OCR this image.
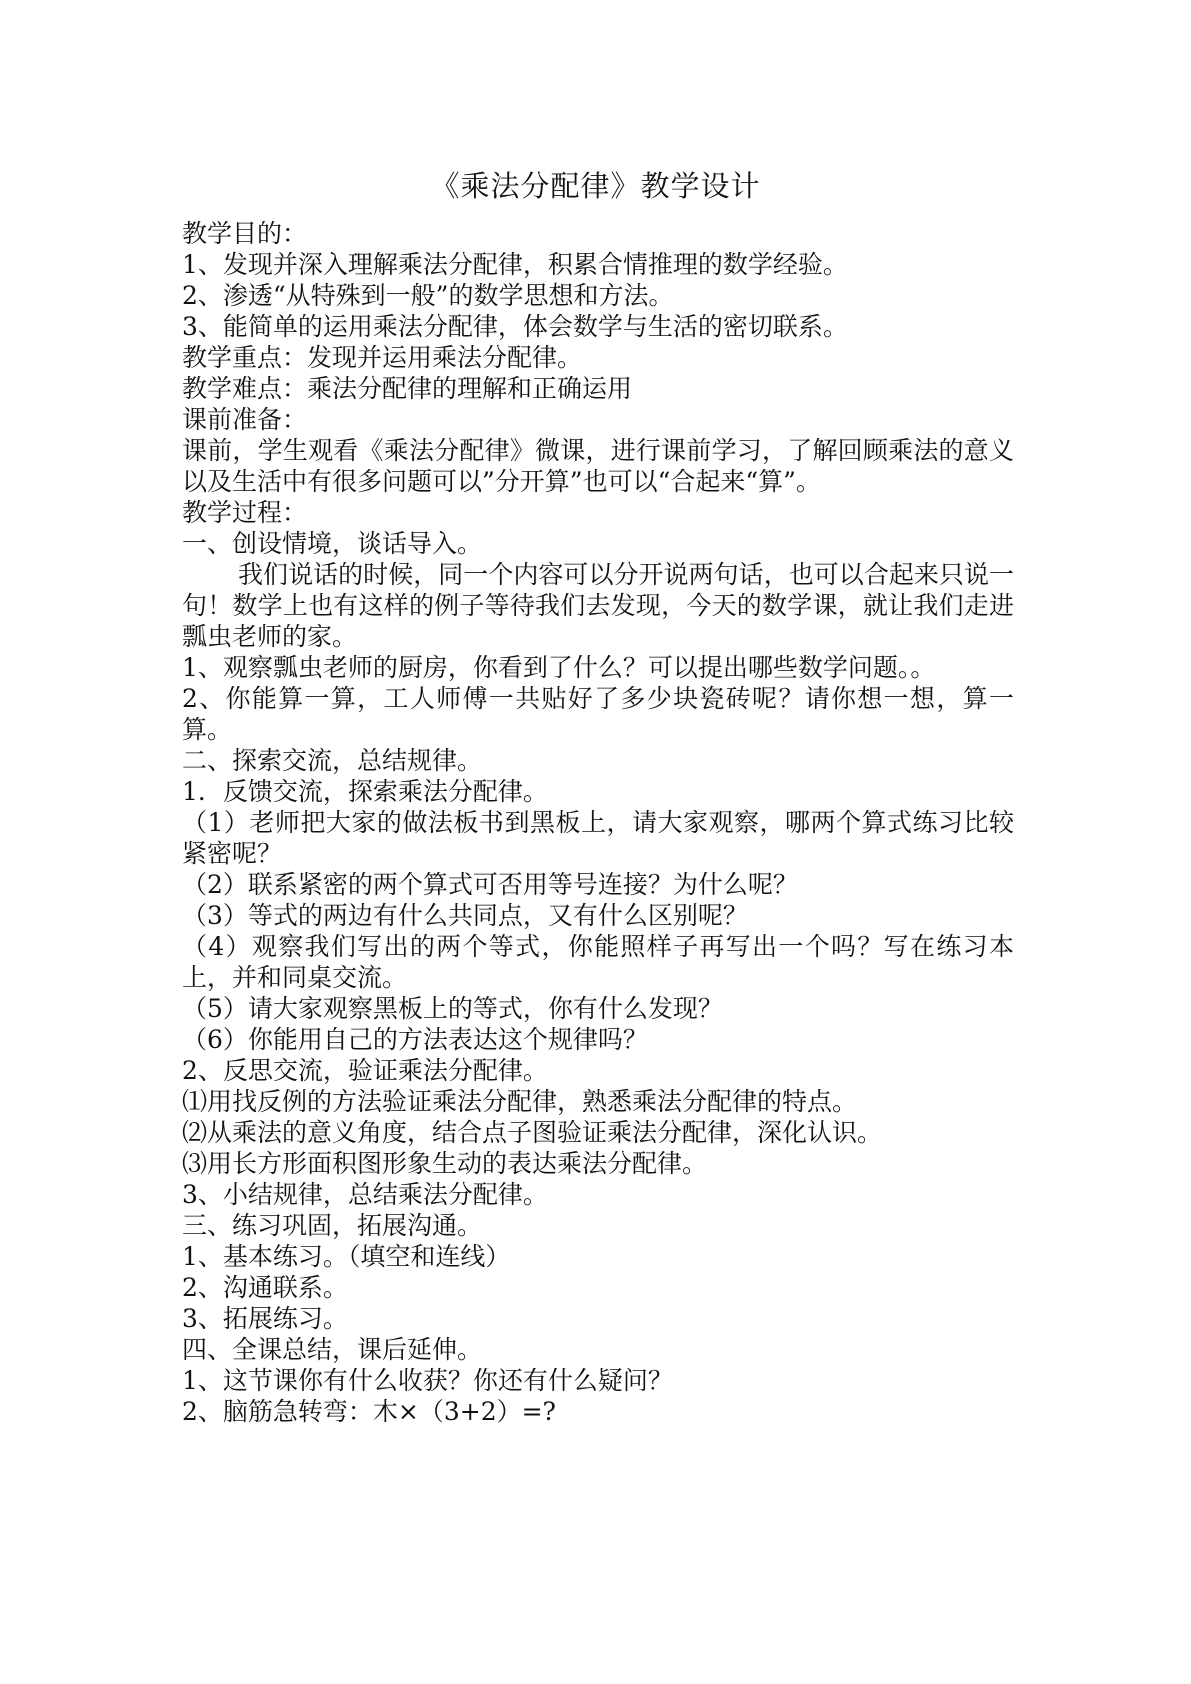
《乘法分配律》教学设计
教学目的：
1、发现并深入理解乘法分配律，积累合情推理的数学经验。
2、渗透“从特殊到一般”的数学思想和方法。
3、能简单的运用乘法分配律，体会数学与生活的密切联系。
教学重点：发现并运用乘法分配律。
教学难点：乘法分配律的理解和正确运用
课前准备：
课前，学生观看《乘法分配律》微课，进行课前学习，了解回顾乘法的意义以及生活中有很多问题可以”分开算”也可以“合起来“算”。
教学过程：
一、创设情境，谈话导入。
我们说话的时候，同一个内容可以分开说两句话，也可以合起来只说一句！数学上也有这样的例子等待我们去发现，今天的数学课，就让我们走进瓢虫老师的家。
1、观察瓢虫老师的厨房，你看到了什么？可以提出哪些数学问题。。
2、你能算一算，工人师傅一共贴好了多少块瓷砖呢？请你想一想，算一算。
二、探索交流，总结规律。
1．反馈交流，探索乘法分配律。
（1）老师把大家的做法板书到黑板上，请大家观察，哪两个算式练习比较紧密呢？
（2）联系紧密的两个算式可否用等号连接？为什么呢？
（3）等式的两边有什么共同点，又有什么区别呢？
（4）观察我们写出的两个等式，你能照样子再写出一个吗？写在练习本上，并和同桌交流。
（5）请大家观察黑板上的等式，你有什么发现？
（6）你能用自己的方法表达这个规律吗？
2、反思交流，验证乘法分配律。
⑴用找反例的方法验证乘法分配律，熟悉乘法分配律的特点。
⑵从乘法的意义角度，结合点子图验证乘法分配律，深化认识。
⑶用长方形面积图形象生动的表达乘法分配律。
3、小结规律，总结乘法分配律。
三、练习巩固，拓展沟通。
1、基本练习。（填空和连线）
2、沟通联系。
3、拓展练习。
四、全课总结，课后延伸。
1、这节课你有什么收获？你还有什么疑问？
2、脑筋急转弯：木×（3+2）=?
